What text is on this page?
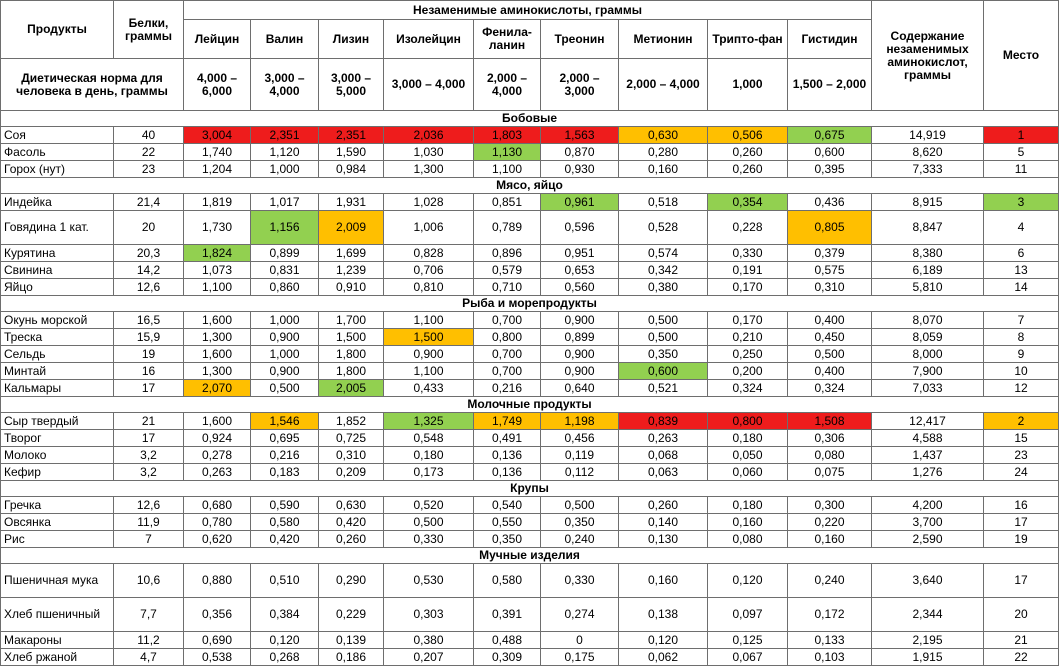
Продукты	Белки, граммы	Незаменимые аминокислоты, граммы									Содержание незаменимых аминокислот, граммы	Место
		Лейцин	Валин	Лизин	Изолейцин	Фенила-ланин	Треонин	Метионин	Трипто-фан	Гистидин		
Диетическая норма для человека в день, граммы		4,000 – 6,000	3,000 – 4,000	3,000 – 5,000	3,000 – 4,000	2,000 – 4,000	2,000 – 3,000	2,000 – 4,000	1,000	1,500 – 2,000		
Бобовые												
Соя	40	3,004	2,351	2,351	2,036	1,803	1,563	0,630	0,506	0,675	14,919	1
Фасоль	22	1,740	1,120	1,590	1,030	1,130	0,870	0,280	0,260	0,600	8,620	5
Горох (нут)	23	1,204	1,000	0,984	1,300	1,100	0,930	0,160	0,260	0,395	7,333	11
Мясо, яйцо												
Индейка	21,4	1,819	1,017	1,931	1,028	0,851	0,961	0,518	0,354	0,436	8,915	3
Говядина 1 кат.	20	1,730	1,156	2,009	1,006	0,789	0,596	0,528	0,228	0,805	8,847	4
Курятина	20,3	1,824	0,899	1,699	0,828	0,896	0,951	0,574	0,330	0,379	8,380	6
Свинина	14,2	1,073	0,831	1,239	0,706	0,579	0,653	0,342	0,191	0,575	6,189	13
Яйцо	12,6	1,100	0,860	0,910	0,810	0,710	0,560	0,380	0,170	0,310	5,810	14
Рыба и морепродукты												
Окунь морской	16,5	1,600	1,000	1,700	1,100	0,700	0,900	0,500	0,170	0,400	8,070	7
Треска	15,9	1,300	0,900	1,500	1,500	0,800	0,899	0,500	0,210	0,450	8,059	8
Сельдь	19	1,600	1,000	1,800	0,900	0,700	0,900	0,350	0,250	0,500	8,000	9
Минтай	16	1,300	0,900	1,800	1,100	0,700	0,900	0,600	0,200	0,400	7,900	10
Кальмары	17	2,070	0,500	2,005	0,433	0,216	0,640	0,521	0,324	0,324	7,033	12
Молочные продукты												
Сыр твердый	21	1,600	1,546	1,852	1,325	1,749	1,198	0,839	0,800	1,508	12,417	2
Творог	17	0,924	0,695	0,725	0,548	0,491	0,456	0,263	0,180	0,306	4,588	15
Молоко	3,2	0,278	0,216	0,310	0,180	0,136	0,119	0,068	0,050	0,080	1,437	23
Кефир	3,2	0,263	0,183	0,209	0,173	0,136	0,112	0,063	0,060	0,075	1,276	24
Крупы												
Гречка	12,6	0,680	0,590	0,630	0,520	0,540	0,500	0,260	0,180	0,300	4,200	16
Овсянка	11,9	0,780	0,580	0,420	0,500	0,550	0,350	0,140	0,160	0,220	3,700	17
Рис	7	0,620	0,420	0,260	0,330	0,350	0,240	0,130	0,080	0,160	2,590	19
Мучные изделия												
Пшеничная мука	10,6	0,880	0,510	0,290	0,530	0,580	0,330	0,160	0,120	0,240	3,640	17
Хлеб пшеничный	7,7	0,356	0,384	0,229	0,303	0,391	0,274	0,138	0,097	0,172	2,344	20
Макароны	11,2	0,690	0,120	0,139	0,380	0,488	0	0,120	0,125	0,133	2,195	21
Хлеб ржаной	4,7	0,538	0,268	0,186	0,207	0,309	0,175	0,062	0,067	0,103	1,915	22
